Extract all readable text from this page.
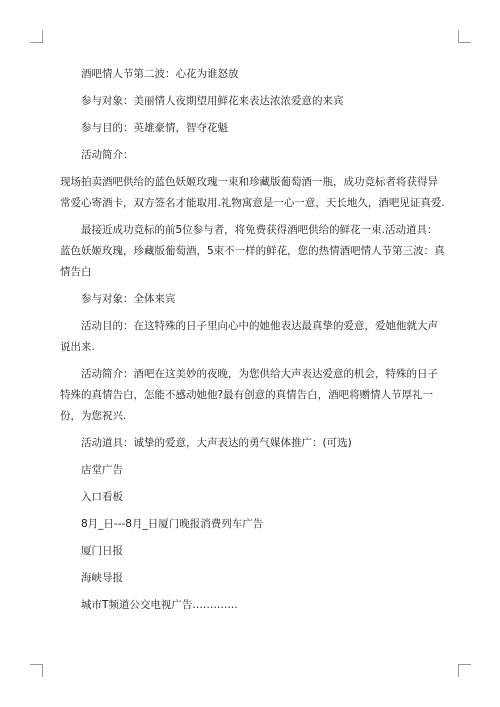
酒吧情人节第二波：心花为谁怒放

参与对象：美丽情人夜期望用鲜花来表达浓浓爱意的来宾

参与目的：英雄豪情，智夺花魁

活动简介：

现场拍卖酒吧供给的蓝色妖姬玫瑰一束和珍藏版葡萄酒一瓶，成功竞标者将获得异常爱心寄酒卡，双方签名才能取用.礼物寓意是一心一意，天长地久，酒吧见证真爱.

最接近成功竞标的前5位参与者，将免费获得酒吧供给的鲜花一束.活动道具：蓝色妖姬玫瑰，珍藏版葡萄酒，5束不一样的鲜花，您的热情酒吧情人节第三波：真情告白

参与对象：全体来宾

活动目的：在这特殊的日子里向心中的她他表达最真挚的爱意，爱她他就大声说出来.

活动简介：酒吧在这美妙的夜晚，为您供给大声表达爱意的机会，特殊的日子特殊的真情告白，怎能不感动她他?最有创意的真情告白，酒吧将赠情人节厚礼一份，为您祝兴.

活动道具：诚挚的爱意，大声表达的勇气媒体推广：(可选)

店堂广告

入口看板

8月_日---8月_日厦门晚报消费列车广告

厦门日报

海峡导报

城市T频道公交电视广告………….
